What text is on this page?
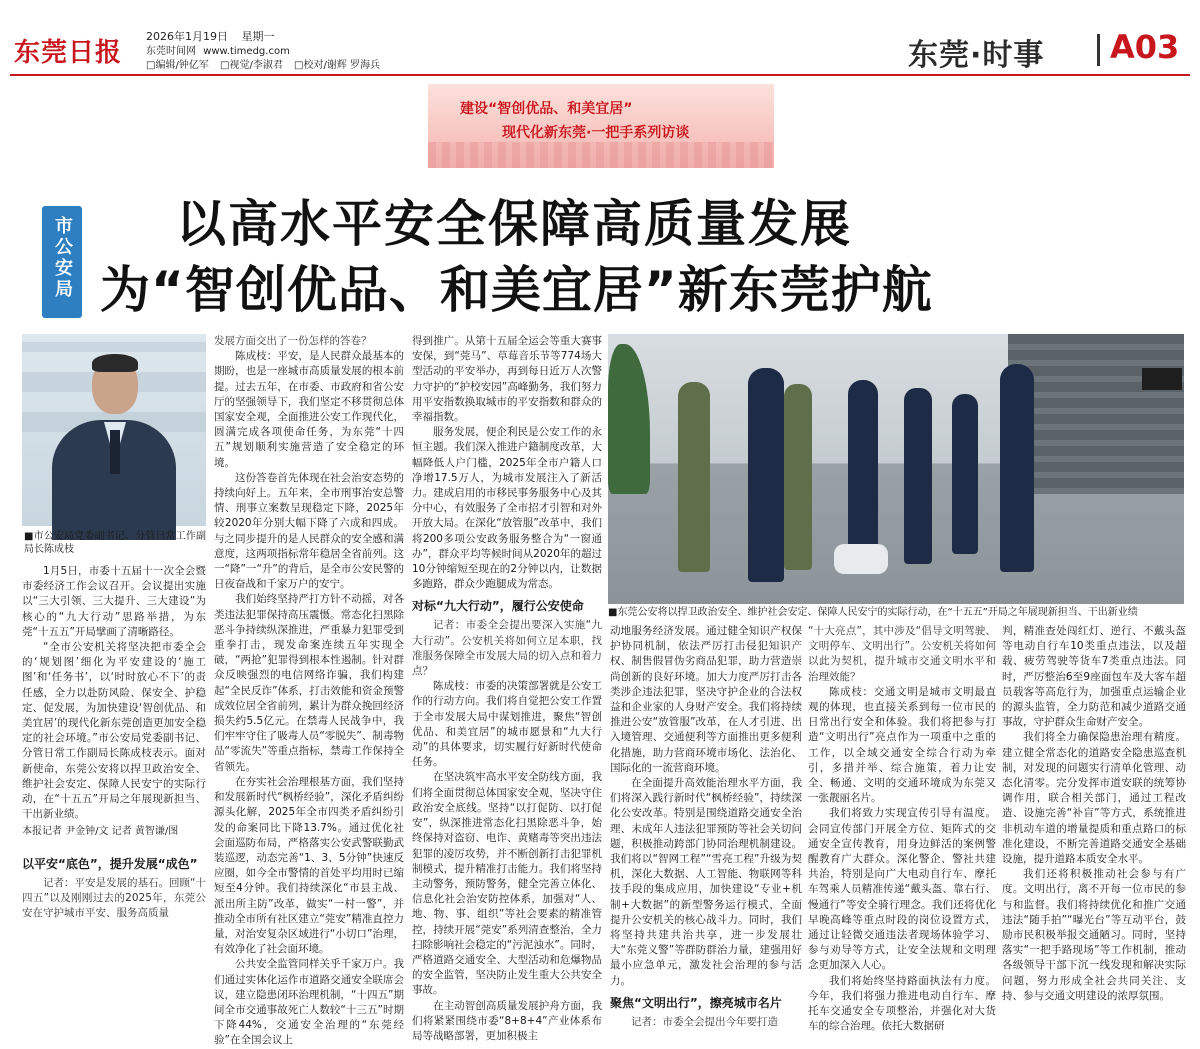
东莞日报
2026年1月19日 星期一
东莞时间网 www.timedg.com
□编辑/钟亿军 □视觉/李淑君 □校对/谢辉 罗海兵	东莞·时事 A03
建设“智创优品、和美宜居”
现代化新东莞·一把手系列访谈
市公安局 以高水平安全保障高质量发展
为“智创优品、和美宜居”新东莞护航
■市公安局党委副书记、分管日常工作副局长陈成枝
■东莞公安将以捍卫政治安全、维护社会安定、保障人民安宁的实际行动，在“十五五”开局之年展现新担当、干出新业绩

1月5日，市委十五届十一次全会暨市委经济工作会议召开。会议提出实施以“三大引领、三大提升、三大建设”为核心的“九大行动”思路举措，为东莞“十五五”开局擘画了清晰路径。

“全市公安机关将坚决把市委全会的‘规划图’细化为平安建设的‘施工图’和‘任务书’，以‘时时放心不下’的责任感，全力以赴防风险、保安全、护稳定、促发展，为加快建设‘智创优品、和美宜居’的现代化新东莞创造更加安全稳定的社会环境。”市公安局党委副书记、分管日常工作副局长陈成枝表示。面对新使命，东莞公安将以捍卫政治安全、维护社会安定、保障人民安宁的实际行动，在“十五五”开局之年展现新担当、干出新业绩。

本报记者 尹金钟/文 记者 黄智谦/图

以平安“底色”，提升发展“成色”

记者：平安是发展的基石。回顾“十四五”以及刚刚过去的2025年，东莞公安在守护城市平安、服务高质量

发展方面交出了一份怎样的答卷？

陈成枝：平安，是人民群众最基本的期盼，也是一座城市高质量发展的根本前提。过去五年，在市委、市政府和省公安厅的坚强领导下，我们坚定不移贯彻总体国家安全观，全面推进公安工作现代化，圆满完成各项使命任务，为东莞“十四五”规划顺利实施营造了安全稳定的环境。

这份答卷首先体现在社会治安态势的持续向好上。五年来，全市刑事治安总警情、刑事立案数呈现稳定下降，2025年较2020年分别大幅下降了六成和四成。与之同步提升的是人民群众的安全感和满意度，这两项指标常年稳居全省前列。这一“降”一“升”的背后，是全市公安民警的日夜奋战和千家万户的安宁。

我们始终坚持严打方针不动摇，对各类违法犯罪保持高压震慑。常态化扫黑除恶斗争持续纵深推进，严重暴力犯罪受到重拳打击，现发命案连续五年实现全破，“两抢”犯罪得到根本性遏制。针对群众反映强烈的电信网络诈骗，我们构建起“全民反诈”体系，打击效能和资金预警成效位居全省前列，累计为群众挽回经济损失约5.5亿元。在禁毒人民战争中，我们牢牢守住了吸毒人员“零脱失”、制毒物品“零流失”等重点指标，禁毒工作保持全省领先。

在夯实社会治理根基方面，我们坚持和发展新时代“枫桥经验”，深化矛盾纠纷源头化解，2025年全市四类矛盾纠纷引发的命案同比下降13.7%。通过优化社会面巡防布局，严格落实公安武警联勤武装巡逻，动态完善“1、3、5分钟”快速反应圈，如今全市警情的首处平均用时已缩短至4分钟。我们持续深化“市县主战、派出所主防”改革，做实“一村一警”，并推动全市所有社区建立“莞安”精准直控力量，对治安复杂区域进行“小切口”治理，有效净化了社会面环境。

公共安全监管同样关乎千家万户。我们通过实体化运作市道路交通安全联席会议，建立隐患闭环治理机制，“十四五”期间全市交通事故死亡人数较“十三五”时期下降44%，交通安全治理的“东莞经验”在全国会议上

得到推广。从第十五届全运会等重大赛事安保，到“莞马”、草莓音乐节等774场大型活动的平安举办，再到每日近万人次警力守护的“护校安园”高峰勤务，我们努力用平安指数换取城市的平安指数和群众的幸福指数。

服务发展，便企利民是公安工作的永恒主题。我们深入推进户籍制度改革，大幅降低人户门槛，2025年全市户籍人口净增17.5万人，为城市发展注入了新活力。建成启用的市移民事务服务中心及其分中心，有效服务了全市招才引智和对外开放大局。在深化“放管服”改革中，我们将200多项公安政务服务整合为“一窗通办”，群众平均等候时间从2020年的超过10分钟缩短至现在的2分钟以内，让数据多跑路，群众少跑腿成为常态。

对标“九大行动”，履行公安使命

记者：市委全会提出要深入实施“九大行动”。公安机关将如何立足本职，找准服务保障全市发展大局的切入点和着力点？

陈成枝：市委的决策部署就是公安工作的行动方向。我们将自觉把公安工作置于全市发展大局中谋划推进，聚焦“智创优品、和美宜居”的城市愿景和“九大行动”的具体要求，切实履行好新时代使命任务。

在坚决筑牢高水平安全防线方面，我们将全面贯彻总体国家安全观，坚决守住政治安全底线。坚持“以打促防、以打促安”，纵深推进常态化扫黑除恶斗争，始终保持对盗窃、电诈、黄赌毒等突出违法犯罪的凌厉攻势，并不断创新打击犯罪机制模式，提升精准打击能力。我们将坚持主动警务，预防警务，健全完善立体化、信息化社会治安防控体系，加强对“人、地、物、事、组织”等社会要素的精准管控，持续开展“莞安”系列清查整治，全力扫除影响社会稳定的“污泥浊水”。同时，严格道路交通安全、大型活动和危爆物品的安全监管，坚决防止发生重大公共安全事故。

在主动智创高质量发展护舟方面，我们将紧紧围绕市委“8+8+4”产业体系布局等战略部署，更加积极主

动地服务经济发展。通过健全知识产权保护协同机制，依法严厉打击侵犯知识产权、制售假冒伪劣商品犯罪，助力营造崇尚创新的良好环境。加大力度严厉打击各类涉企违法犯罪，坚决守护企业的合法权益和企业家的人身财产安全。我们将持续推进公安“放管服”改革，在人才引进、出入境管理、交通便利等方面推出更多便利化措施，助力营商环境市场化、法治化、国际化的一流营商环境。

在全面提升高效能治理水平方面，我们将深入践行新时代“枫桥经验”，持续深化公安改革。特别是围绕道路交通安全治理、未成年人违法犯罪预防等社会关切问题，积极推动跨部门协同治理机制建设。我们将以“智网工程”“雪亮工程”升级为契机，深化大数据、人工智能、物联网等科技手段的集成应用，加快建设“专业+机制+大数据”的新型警务运行模式，全面提升公安机关的核心战斗力。同时，我们将坚持共建共治共享，进一步发展壮大“东莞义警”等群防群治力量，建强用好最小应急单元，激发社会治理的参与活力。

聚焦“文明出行”，擦亮城市名片

记者：市委全会提出今年要打造

“十大亮点”，其中涉及“倡导文明驾驶、文明停车、文明出行”。公安机关将如何以此为契机，提升城市交通文明水平和治理效能？

陈成枝：交通文明是城市文明最直观的体现，也直接关系到每一位市民的日常出行安全和体验。我们将把参与打造“文明出行”亮点作为一项重中之重的工作，以全域交通安全综合行动为牵引，多措并举、综合施策，着力让安全、畅通、文明的交通环境成为东莞又一张靓丽名片。

我们将致力实现宣传引导有温度。会同宣传部门开展全方位、矩阵式的交通安全宣传教育，用身边鲜活的案例警醒教育广大群众。深化警企、警社共建共治，特别是向广大电动自行车、摩托车驾乘人员精准传递“戴头盔、靠右行、慢通行”等安全骑行理念。我们还将优化早晚高峰等重点时段的岗位设置方式，通过让轻微交通违法者现场体验学习、参与劝导等方式，让安全法规和文明理念更加深入人心。

我们将始终坚持路面执法有力度。今年，我们将强力推进电动自行车、摩托车交通安全专项整治，并强化对大货车的综合治理。依托大数据研

判，精准查处闯红灯、逆行、不戴头盔等电动自行车10类重点违法，以及超载、疲劳驾驶等货车7类重点违法。同时，严厉整治6至9座面包车及大客车超员载客等高危行为，加强重点运输企业的源头监管，全力防范和减少道路交通事故，守护群众生命财产安全。

我们将全力确保隐患治理有精度。建立健全常态化的道路安全隐患巡查机制，对发现的问题实行清单化管理、动态化清零。完分发挥市道安联的统筹协调作用，联合相关部门，通过工程改造、设施完善“补盲”等方式，系统推进非机动车道的增量提质和重点路口的标准化建设，不断完善道路交通安全基础设施，提升道路本质安全水平。

我们还将积极推动社会参与有广度。文明出行，离不开每一位市民的参与和监督。我们将持续优化和推广交通违法“随手拍”“曝光台”等互动平台，鼓励市民积极举报交通陋习。同时，坚持落实“一把手路现场”等工作机制，推动各级领导干部下沉一线发现和解决实际问题，努力形成全社会共同关注、支持、参与交通文明建设的浓厚氛围。
